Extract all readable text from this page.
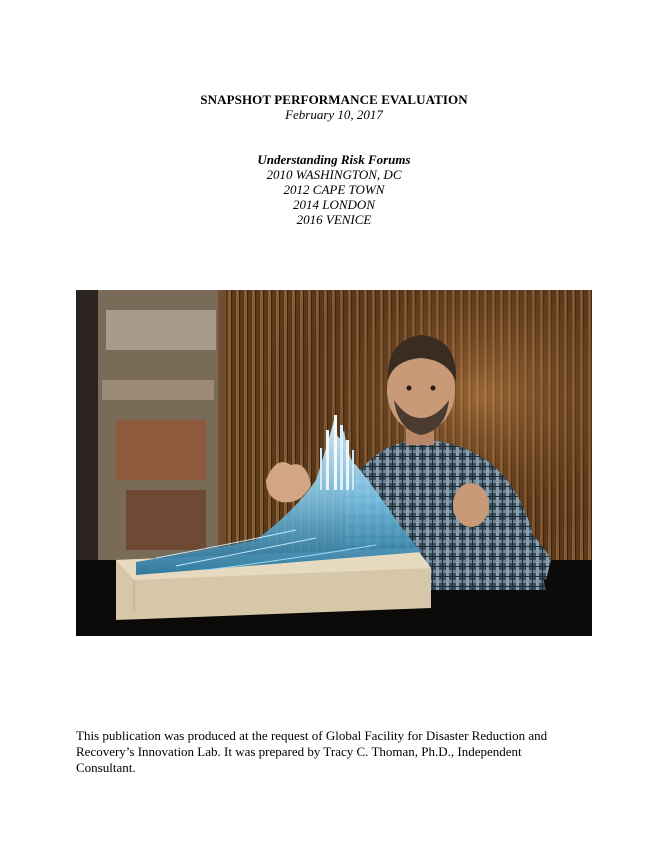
SNAPSHOT PERFORMANCE EVALUATION
February 10, 2017
Understanding Risk Forums
2010 WASHINGTON, DC
2012 CAPE TOWN
2014 LONDON
2016 VENICE
This publication was produced at the request of Global Facility for Disaster Reduction and
Recovery’s Innovation Lab. It was prepared by Tracy C. Thoman, Ph.D., Independent
Consultant.
